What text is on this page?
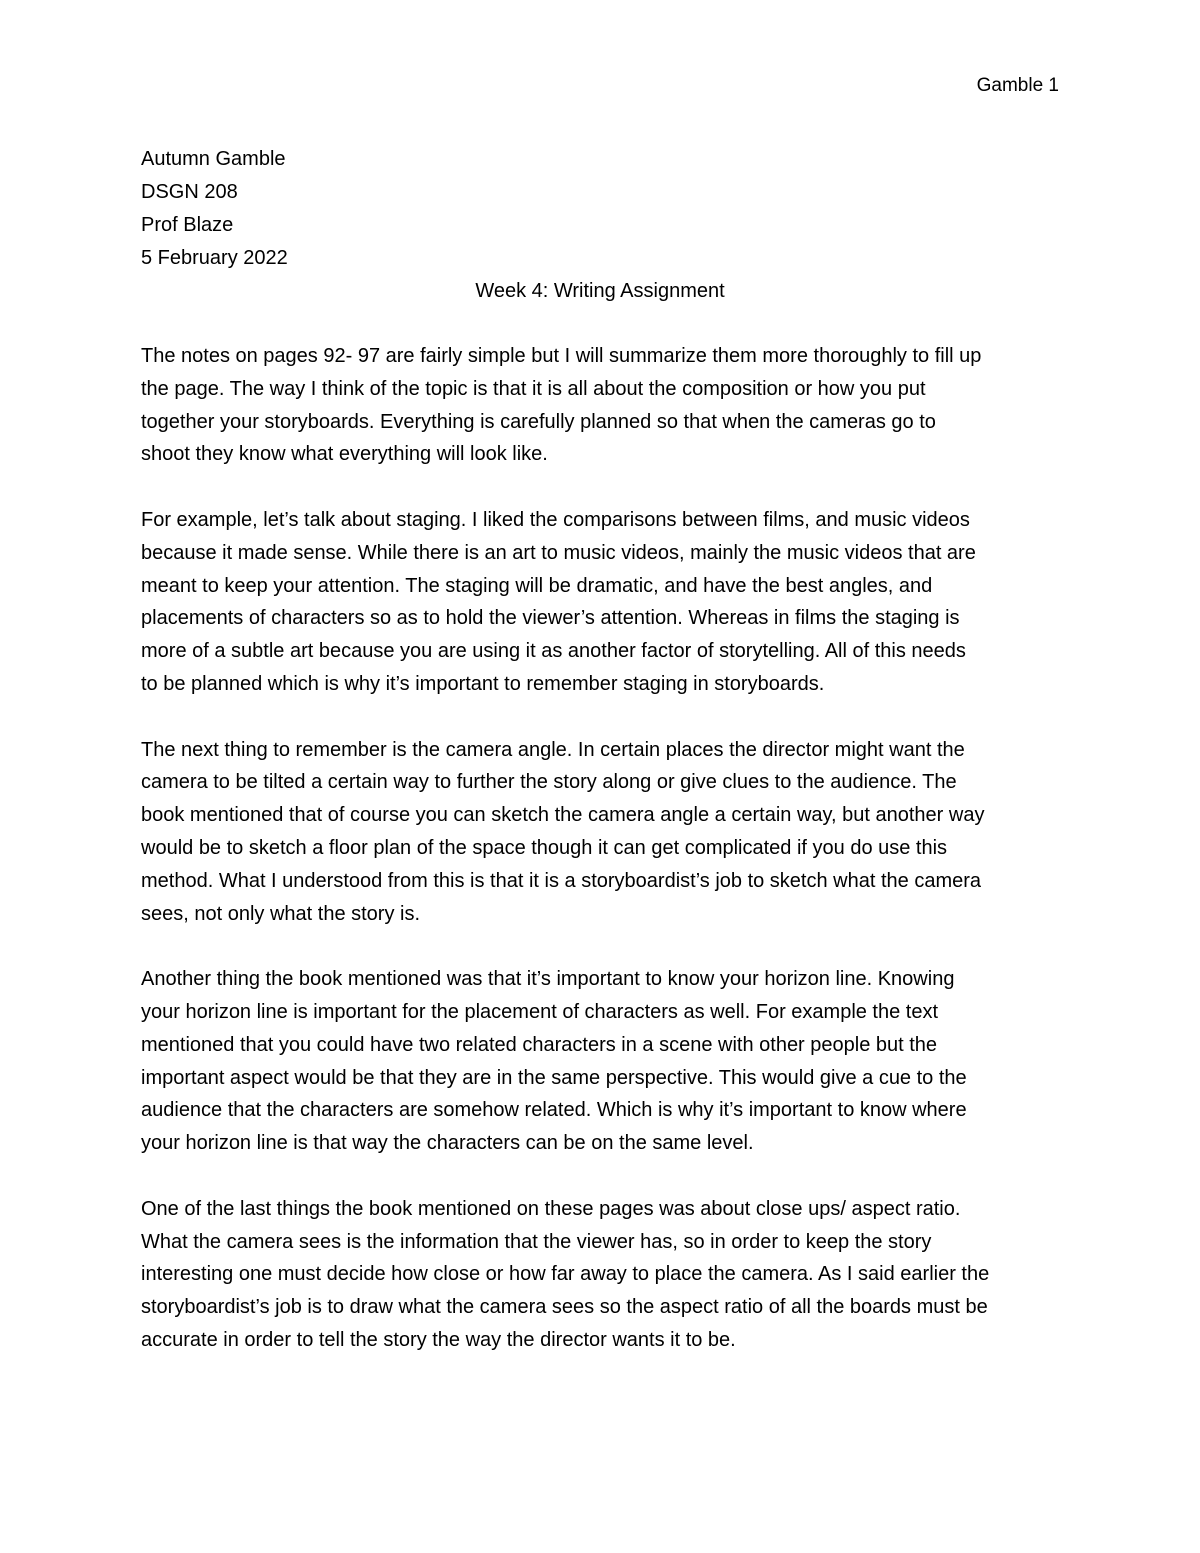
Gamble 1
Autumn Gamble
DSGN 208
Prof Blaze
5 February 2022
Week 4: Writing Assignment

The notes on pages 92- 97 are fairly simple but I will summarize them more thoroughly to fill up
the page. The way I think of the topic is that it is all about the composition or how you put
together your storyboards. Everything is carefully planned so that when the cameras go to
shoot they know what everything will look like.

For example, let’s talk about staging. I liked the comparisons between films, and music videos
because it made sense. While there is an art to music videos, mainly the music videos that are
meant to keep your attention. The staging will be dramatic, and have the best angles, and
placements of characters so as to hold the viewer’s attention. Whereas in films the staging is
more of a subtle art because you are using it as another factor of storytelling. All of this needs
to be planned which is why it’s important to remember staging in storyboards.

The next thing to remember is the camera angle. In certain places the director might want the
camera to be tilted a certain way to further the story along or give clues to the audience. The
book mentioned that of course you can sketch the camera angle a certain way, but another way
would be to sketch a floor plan of the space though it can get complicated if you do use this
method. What I understood from this is that it is a storyboardist’s job to sketch what the camera
sees, not only what the story is.

Another thing the book mentioned was that it’s important to know your horizon line. Knowing
your horizon line is important for the placement of characters as well. For example the text
mentioned that you could have two related characters in a scene with other people but the
important aspect would be that they are in the same perspective. This would give a cue to the
audience that the characters are somehow related. Which is why it’s important to know where
your horizon line is that way the characters can be on the same level.

One of the last things the book mentioned on these pages was about close ups/ aspect ratio.
What the camera sees is the information that the viewer has, so in order to keep the story
interesting one must decide how close or how far away to place the camera. As I said earlier the
storyboardist’s job is to draw what the camera sees so the aspect ratio of all the boards must be
accurate in order to tell the story the way the director wants it to be.
